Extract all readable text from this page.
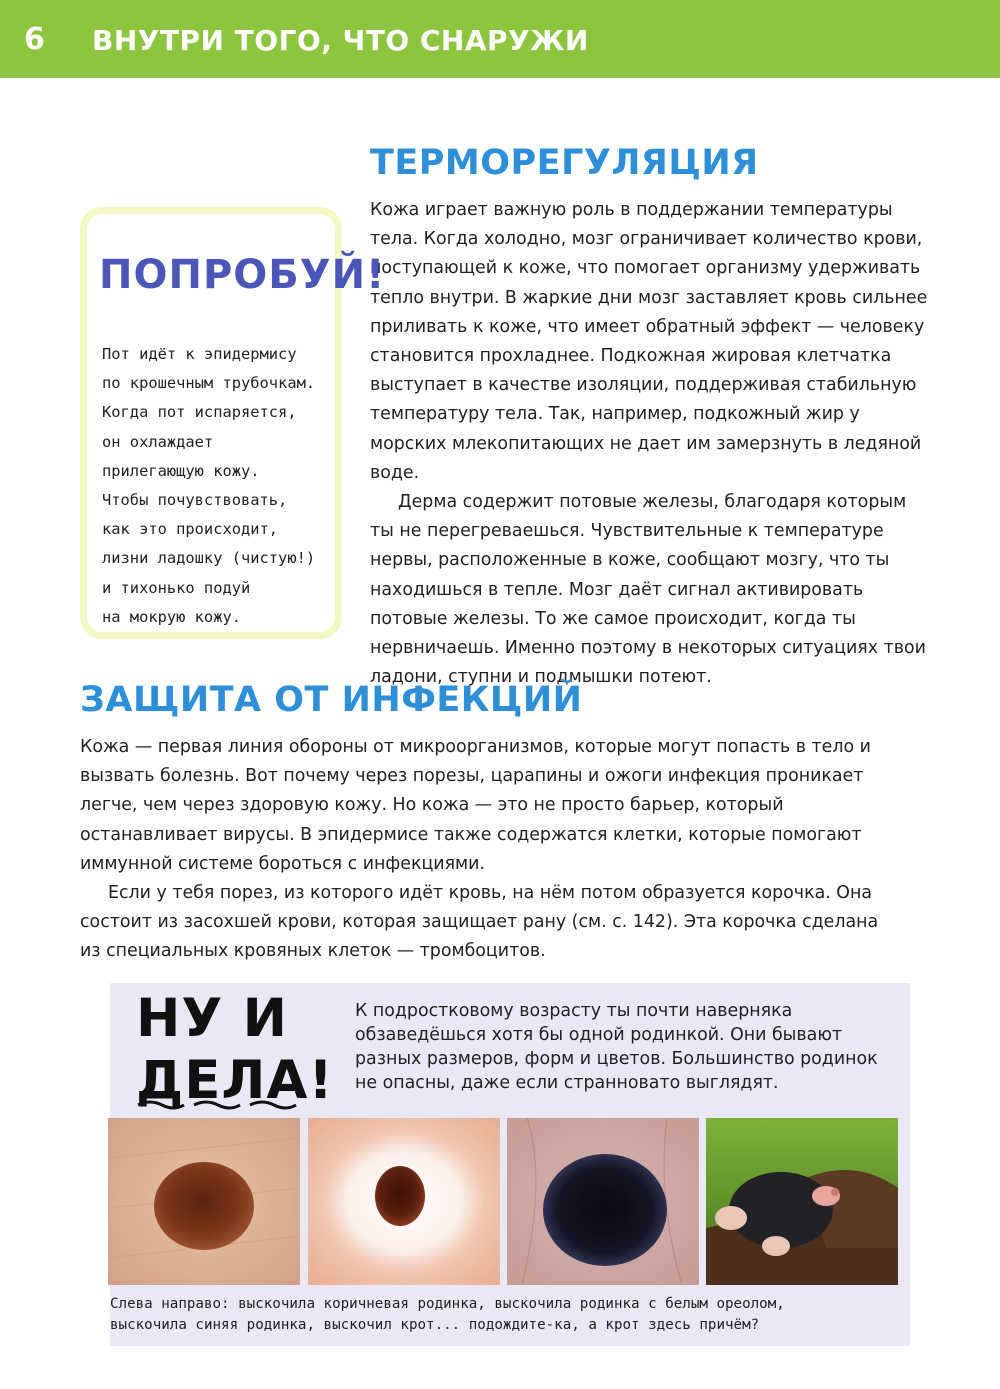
6 ВНУТРИ ТОГО, ЧТО СНАРУЖИ
ТЕРМОРЕГУЛЯЦИЯ

Кожа играет важную роль в поддержании температуры тела. Когда холодно, мозг ограничивает количество крови, поступающей к коже, что помогает организму удерживать тепло внутри. В жаркие дни мозг заставляет кровь сильнее приливать к коже, что имеет обратный эффект — человеку становится прохладнее. Подкожная жировая клетчатка выступает в качестве изоляции, поддерживая стабильную температуру тела. Так, например, подкожный жир у морских млекопитающих не дает им замерзнуть в ледяной воде.

Дерма содержит потовые железы, благодаря которым ты не перегреваешься. Чувствительные к температуре нервы, расположенные в коже, сообщают мозгу, что ты находишься в тепле. Мозг даёт сигнал активировать потовые железы. То же самое происходит, когда ты нервничаешь. Именно поэтому в некоторых ситуациях твои ладони, ступни и подмышки потеют.

ПОПРОБУЙ!
Пот идёт к эпидермису
по крошечным трубочкам.
Когда пот испаряется,
он охлаждает
прилегающую кожу.
Чтобы почувствовать,
как это происходит,
лизни ладошку (чистую!)
и тихонько подуй
на мокрую кожу.
ЗАЩИТА ОТ ИНФЕКЦИЙ

Кожа — первая линия обороны от микроорганизмов, которые могут попасть в тело и вызвать болезнь. Вот почему через порезы, царапины и ожоги инфекция проникает легче, чем через здоровую кожу. Но кожа — это не просто барьер, который останавливает вирусы. В эпидермисе также содержатся клетки, которые помогают иммунной системе бороться с инфекциями.

Если у тебя порез, из которого идёт кровь, на нём потом образуется корочка. Она состоит из засохшей крови, которая защищает рану (см. с. 142). Эта корочка сделана из специальных кровяных клеток — тромбоцитов.

НУ И
ДЕЛА!
К подростковому возрасту ты почти наверняка обзаведёшься хотя бы одной родинкой. Они бывают разных размеров, форм и цветов. Большинство родинок не опасны, даже если странновато выглядят.
Слева направо: выскочила коричневая родинка, выскочила родинка с белым ореолом,
выскочила синяя родинка, выскочил крот... подождите-ка, а крот здесь причём?
